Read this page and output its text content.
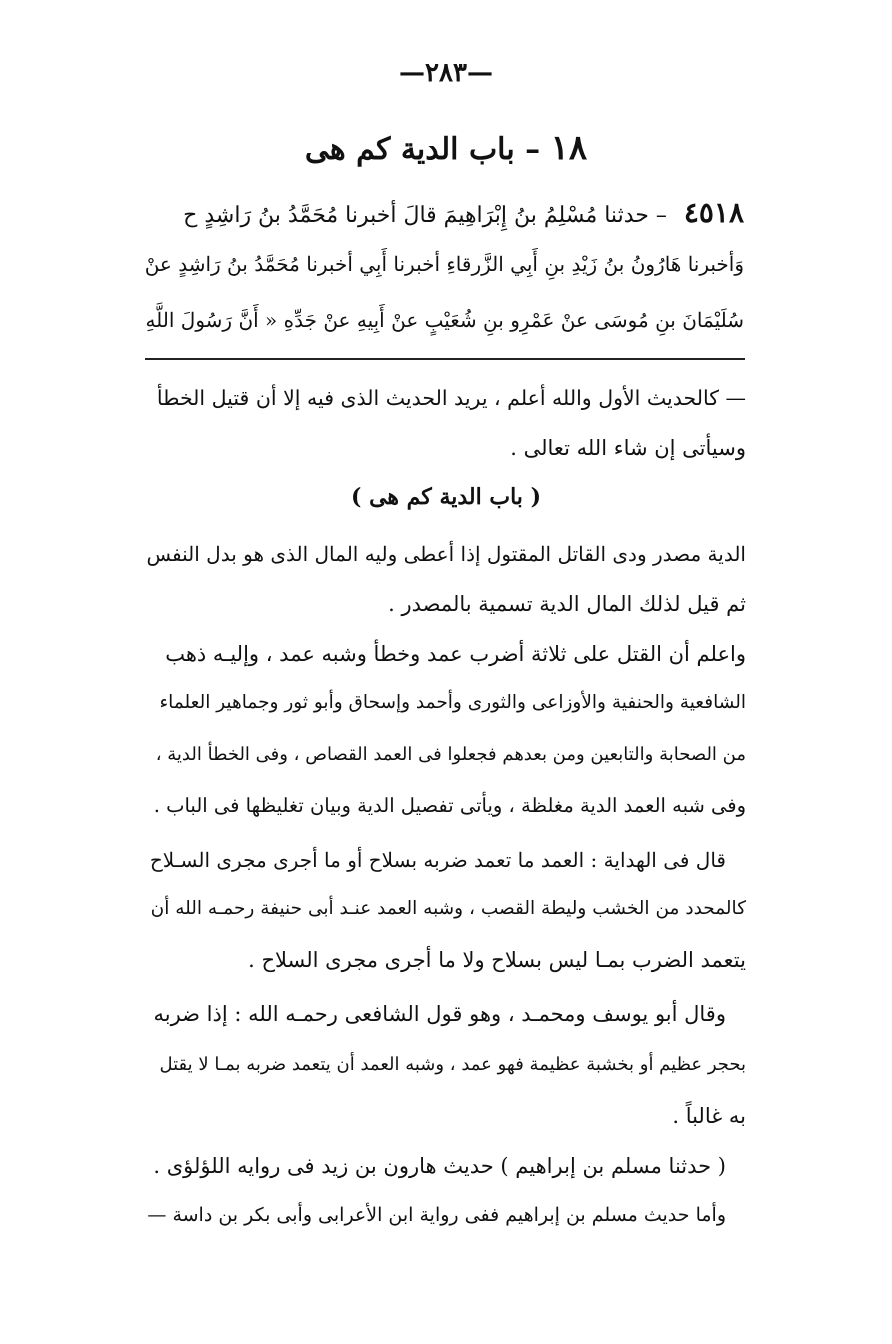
—٢٨٣—
١٨ – باب الدية كم هى
٤٥١٨ – حدثنا مُسْلِمُ بنُ إِبْرَاهِيمَ قالَ أخبرنا مُحَمَّدُ بنُ رَاشِدٍ ح
وَأخبرنا هَارُونُ بنُ زَيْدِ بنِ أَبِي الزَّرقاءِ أخبرنا أَبِي أخبرنا مُحَمَّدُ بنُ رَاشِدٍ عنْ
سُلَيْمَانَ بنِ مُوسَى عنْ عَمْرِو بنِ شُعَيْبٍ عنْ أَبِيهِ عنْ جَدِّهِ « أَنَّ رَسُولَ اللَّهِ
— كالحديث الأول والله أعلم ، يريد الحديث الذى فيه إلا أن قتيل الخطأ
وسيأتى إن شاء الله تعالى .
( باب الدية كم هى )
الدية مصدر ودى القاتل المقتول إذا أعطى وليه المال الذى هو بدل النفس
ثم قيل لذلك المال الدية تسمية بالمصدر .
واعلم أن القتل على ثلاثة أضرب عمد وخطأ وشبه عمد ، وإليـه ذهب
الشافعية والحنفية والأوزاعى والثورى وأحمد وإسحاق وأبو ثور وجماهير العلماء
من الصحابة والتابعين ومن بعدهم فجعلوا فى العمد القصاص ، وفى الخطأ الدية ،
وفى شبه العمد الدية مغلظة ، ويأتى تفصيل الدية وبيان تغليظها فى الباب .
قال فى الهداية : العمد ما تعمد ضربه بسلاح أو ما أجرى مجرى السـلاح
كالمحدد من الخشب وليطة القصب ، وشبه العمد عنـد أبى حنيفة رحمـه الله أن
يتعمد الضرب بمـا ليس بسلاح ولا ما أجرى مجرى السلاح .
وقال أبو يوسف ومحمـد ، وهو قول الشافعى رحمـه الله : إذا ضربه
بحجر عظيم أو بخشبة عظيمة فهو عمد ، وشبه العمد أن يتعمد ضربه بمـا لا يقتل
به غالباً .
( حدثنا مسلم بن إبراهيم ) حديث هارون بن زيد فى روايه اللؤلؤى .
وأما حديث مسلم بن إبراهيم ففى رواية ابن الأعرابى وأبى بكر بن داسة —
